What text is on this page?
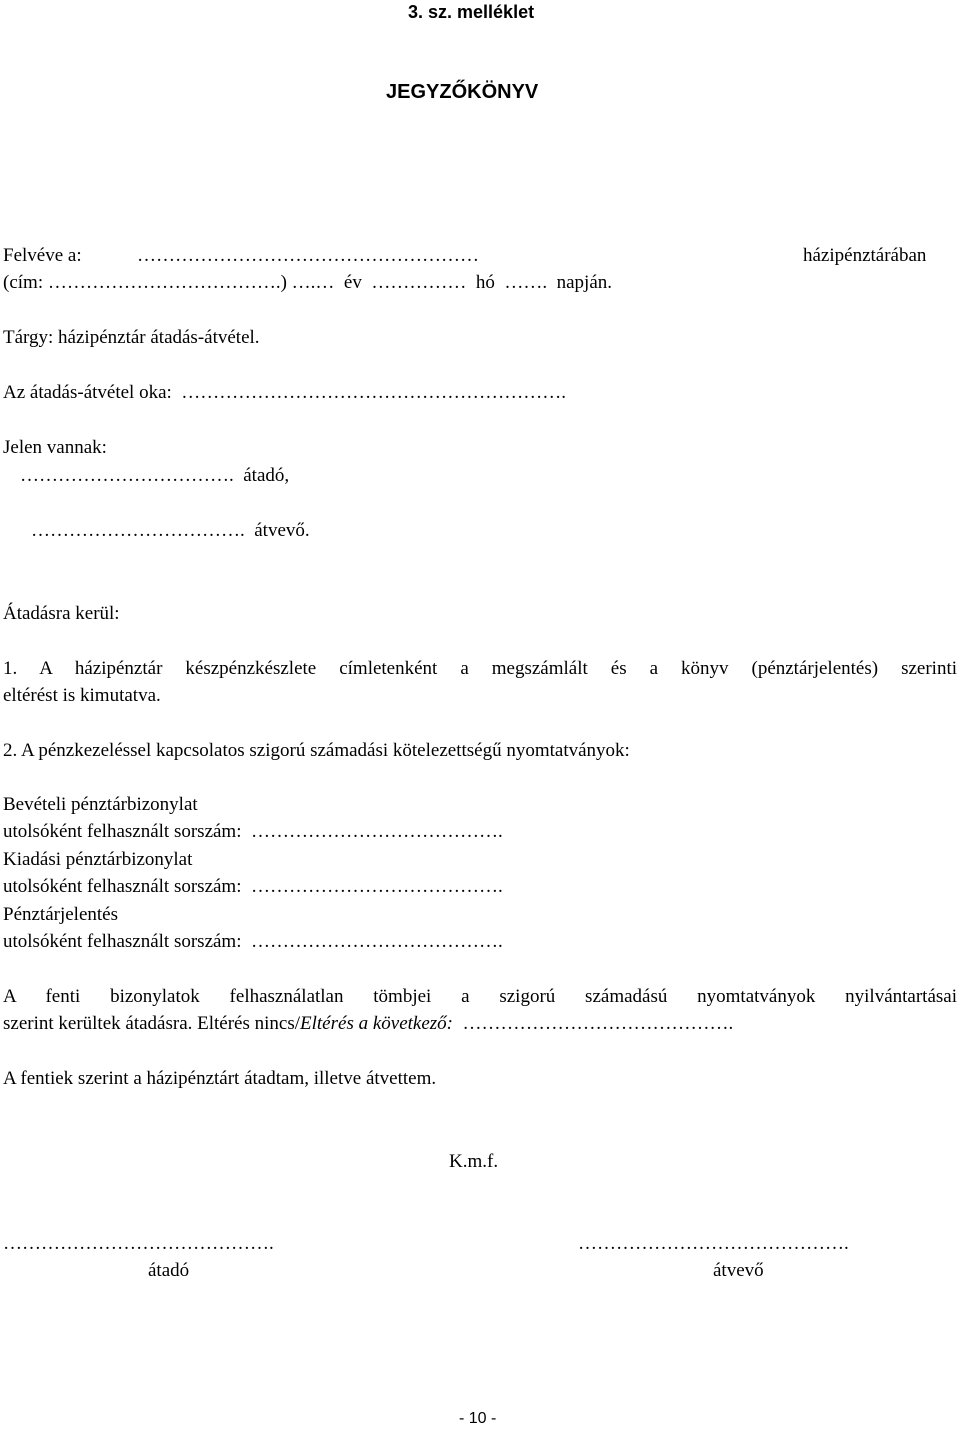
3. sz. melléklet
JEGYZŐKÖNYV
Felvéve a:	………………………………………………	házipénztárában
(cím: ……………………………….) ….…  év  ……………  hó  …….  napján.
Tárgy: házipénztár átadás-átvétel.
Az átadás-átvétel oka:  …………………………………………………….
Jelen vannak:
…………………………….  átadó,
…………………………….  átvevő.
Átadásra kerül:
1. A házipénztár készpénzkészlete címletenként a megszámlált és a könyv (pénztárjelentés) szerinti
eltérést is kimutatva.
2. A pénzkezeléssel kapcsolatos szigorú számadási kötelezettségű nyomtatványok:
Bevételi pénztárbizonylat
utolsóként felhasznált sorszám:  ………………………………….
Kiadási pénztárbizonylat
utolsóként felhasznált sorszám:  ………………………………….
Pénztárjelentés
utolsóként felhasznált sorszám:  ………………………………….
A fenti bizonylatok felhasználatlan tömbjei a szigorú számadású nyomtatványok nyilvántartásai
szerint kerültek átadásra. Eltérés nincs/Eltérés a következő:  …………………………………….
A fentiek szerint a házipénztárt átadtam, illetve átvettem.
K.m.f.
…………………………………….
átadó
…………………………………….
átvevő
- 10 -
